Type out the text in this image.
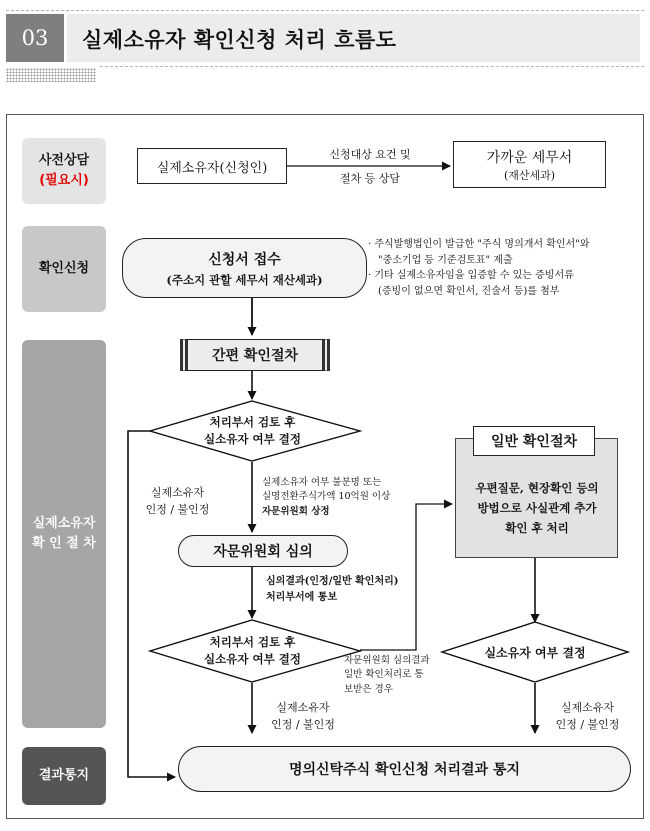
03	실제소유자 확인신청 처리 흐름도
사전상담
(필요시)
확인신청
실제소유자
확 인 절 차
결과통지
실제소유자(신청인)
신청대상 요건 및
절차 등 상담
가까운 세무서
(재산세과)
신청서 접수
(주소지 관할 세무서 재산세과)
· 주식발행법인이 발급한 "주식 명의개서 확인서"와
"중소기업 등 기준검토표" 제출
· 기타 실제소유자임을 입증할 수 있는 증빙서류
(증빙이 없으면 확인서, 진술서 등)를 첨부
간편 확인절차
처리부서 검토 후
실소유자 여부 결정
실제소유자
인정 / 불인정
실제소유자 여부 불분명 또는
실명전환주식가액 10억원 이상
자문위원회 상정
자문위원회 심의
심의결과(인정/일반 확인처리)
처리부서에 통보
처리부서 검토 후
실소유자 여부 결정	자문위원회 심의결과
일반 확인처리로 통
보받은 경우
실제소유자
인정 / 불인정
일반 확인절차
우편질문, 현장확인 등의
방법으로 사실관계 추가
확인 후 처리
실소유자 여부 결정
실제소유자
인정 / 불인정
명의신탁주식 확인신청 처리결과 통지
